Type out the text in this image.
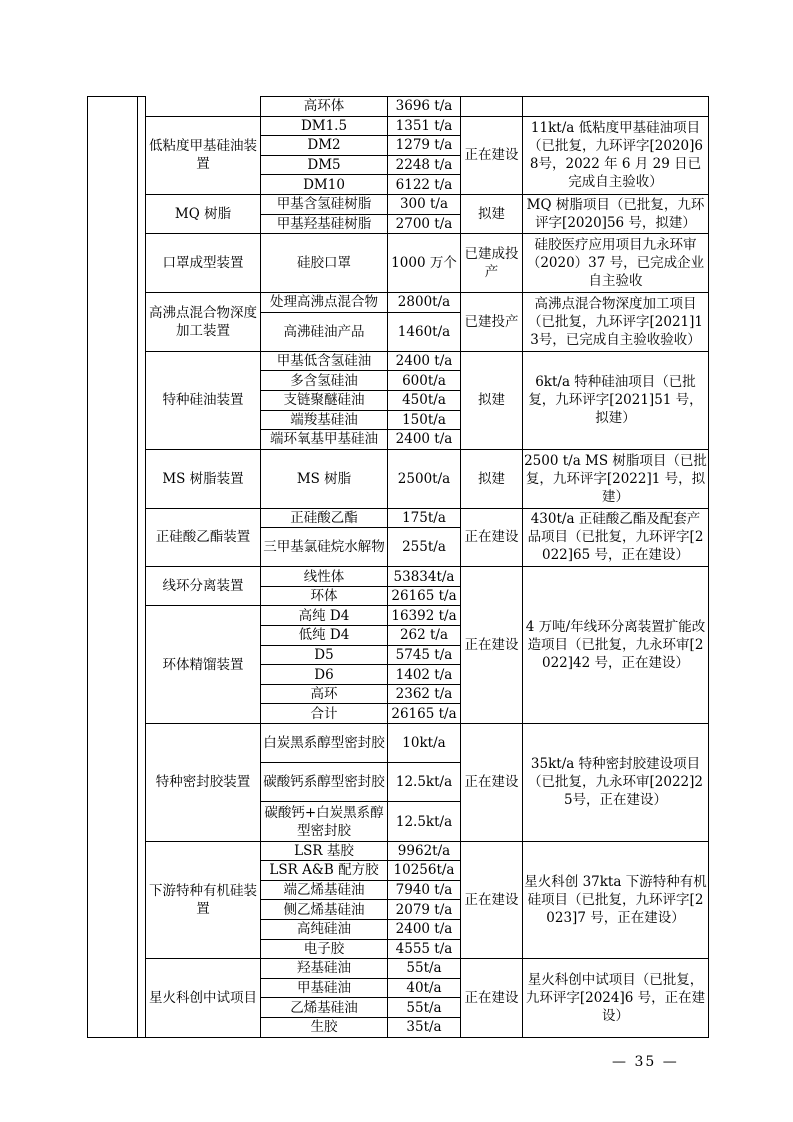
			高环体	3696 t/a		
		低粘度甲基硅油装置	DM1.5	1351 t/a	正在建设	11kt/a 低粘度甲基硅油项目（已批复，九环评字[2020]68号，2022 年 6 月 29 日已完成自主验收）
			DM2	1279 t/a		
			DM5	2248 t/a		
			DM10	6122 t/a		
		MQ 树脂	甲基含氢硅树脂	300 t/a	拟建	MQ 树脂项目（已批复，九环评字[2020]56 号，拟建）
			甲基羟基硅树脂	2700 t/a		
		口罩成型装置	硅胶口罩	1000 万个	已建成投产	硅胶医疗应用项目九永环审（2020）37 号，已完成企业自主验收
		高沸点混合物深度加工装置	处理高沸点混合物	2800t/a	已建投产	高沸点混合物深度加工项目（已批复，九环评字[2021]13号，已完成自主验收验收）
			高沸硅油产品	1460t/a		
		特种硅油装置	甲基低含氢硅油	2400 t/a	拟建	6kt/a 特种硅油项目（已批复，九环评字[2021]51 号，拟建）
			多含氢硅油	600t/a		
			支链聚醚硅油	450t/a		
			端羧基硅油	150t/a		
			端环氧基甲基硅油	2400 t/a		
		MS 树脂装置	MS 树脂	2500t/a	拟建	2500 t/a MS 树脂项目（已批复，九环评字[2022]1 号，拟建）
		正硅酸乙酯装置	正硅酸乙酯	175t/a	正在建设	430t/a 正硅酸乙酯及配套产品项目（已批复，九环评字[2022]65 号，正在建设）
			三甲基氯硅烷水解物	255t/a		
		线环分离装置	线性体	53834t/a	正在建设	4 万吨/年线环分离装置扩能改造项目（已批复，九永环审[2022]42 号，正在建设）
			环体	26165 t/a		
		环体精馏装置	高纯 D4	16392 t/a		
			低纯 D4	262 t/a		
			D5	5745 t/a		
			D6	1402 t/a		
			高环	2362 t/a		
			合计	26165 t/a		
		特种密封胶装置	白炭黑系醇型密封胶	10kt/a	正在建设	35kt/a 特种密封胶建设项目（已批复，九永环审[2022]25号，正在建设）
			碳酸钙系醇型密封胶	12.5kt/a		
			碳酸钙+白炭黑系醇型密封胶	12.5kt/a		
		下游特种有机硅装置	LSR 基胶	9962t/a	正在建设	星火科创 37kta 下游特种有机硅项目（已批复，九环评字[2023]7 号，正在建设）
			LSR A&B 配方胶	10256t/a		
			端乙烯基硅油	7940 t/a		
			侧乙烯基硅油	2079 t/a		
			高纯硅油	2400 t/a		
			电子胶	4555 t/a		
		星火科创中试项目	羟基硅油	55t/a	正在建设	星火科创中试项目（已批复，九环评字[2024]6 号，正在建设）
			甲基硅油	40t/a		
			乙烯基硅油	55t/a		
			生胶	35t/a		
— 35 —
